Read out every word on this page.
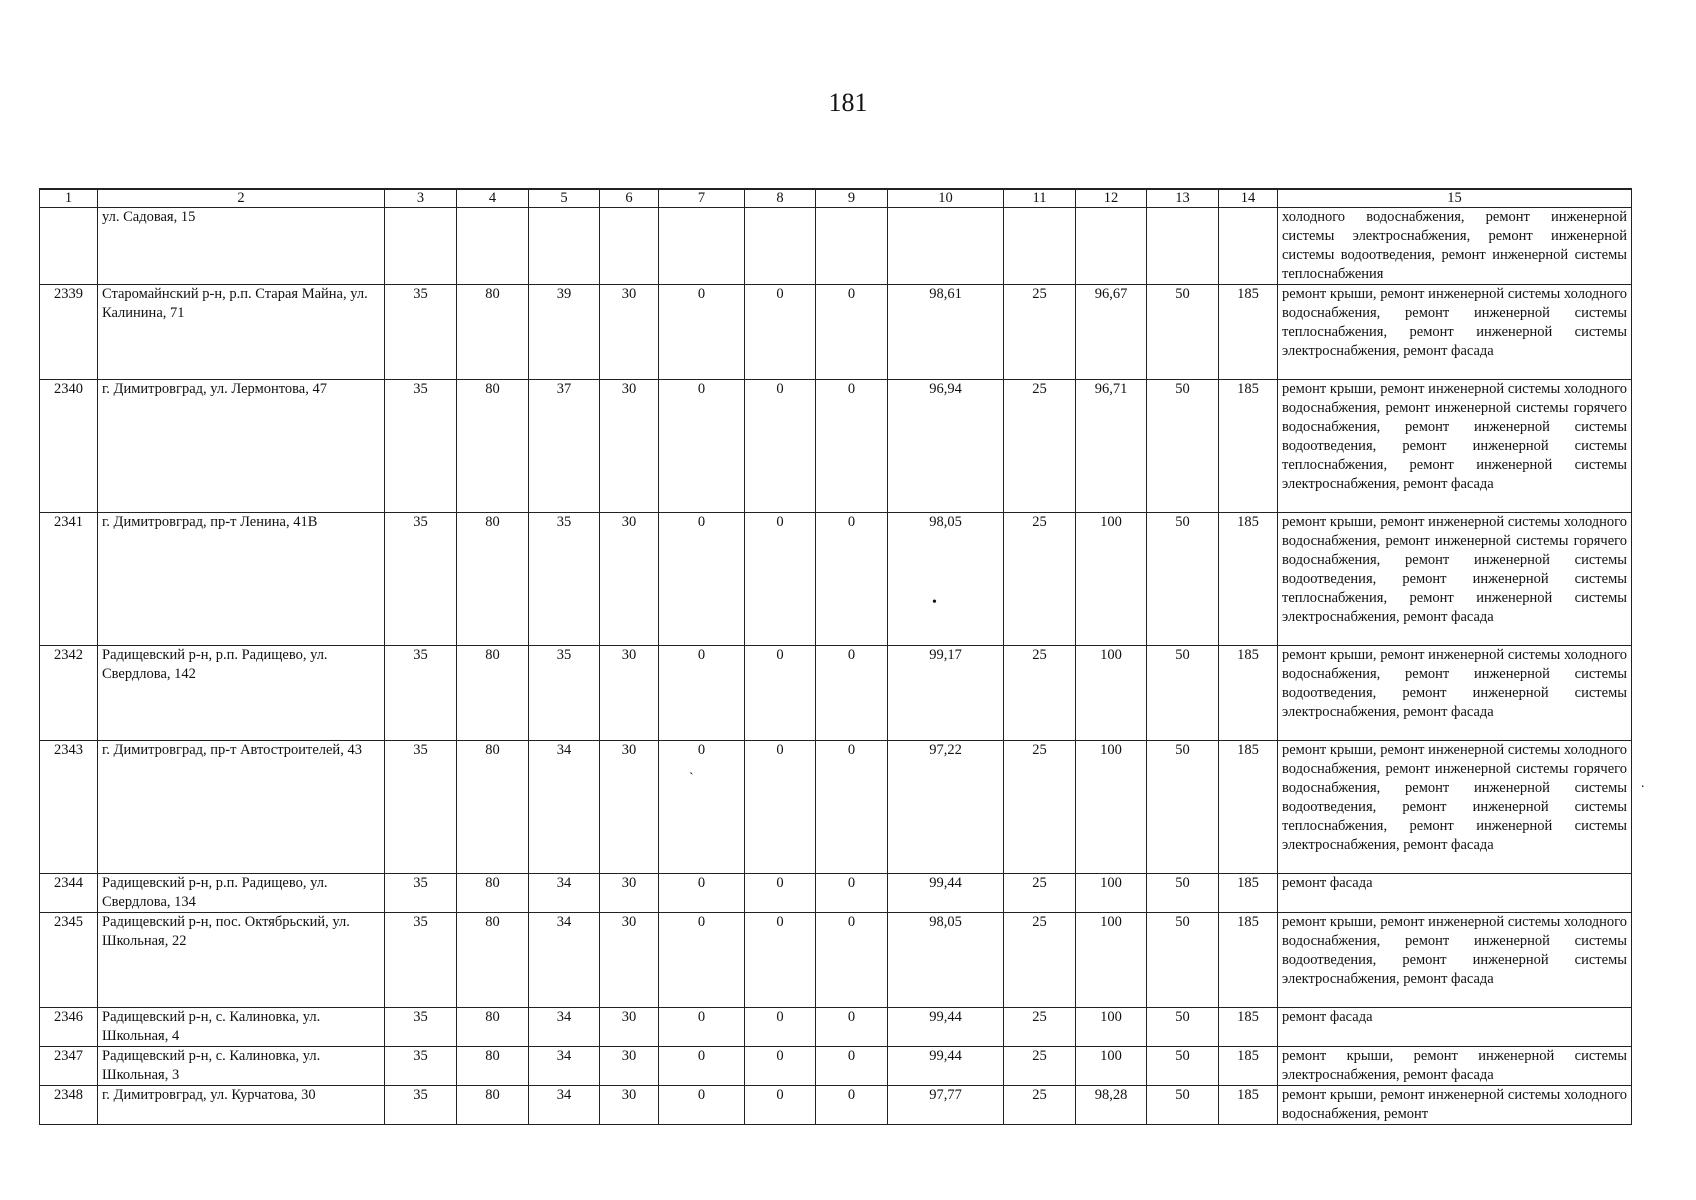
181
1	2	3	4	5	6	7	8	9	10	11	12	13	14	15
	ул. Садовая, 15													холодного водоснабжения, ремонт инженерной системы электроснабжения, ремонт инженерной системы водоотведения, ремонт инженерной системы теплоснабжения
2339	Старомайнский р-н, р.п. Старая Майна, ул. Калинина, 71	35	80	39	30	0	0	0	98,61	25	96,67	50	185	ремонт крыши, ремонт инженерной системы холодного водоснабжения, ремонт инженерной системы теплоснабжения, ремонт инженерной системы электроснабжения, ремонт фасада
2340	г. Димитровград, ул. Лермонтова, 47	35	80	37	30	0	0	0	96,94	25	96,71	50	185	ремонт крыши, ремонт инженерной системы холодного водоснабжения, ремонт инженерной системы горячего водоснабжения, ремонт инженерной системы водоотведения, ремонт инженерной системы теплоснабжения, ремонт инженерной системы электроснабжения, ремонт фасада
2341	г. Димитровград, пр-т Ленина, 41В	35	80	35	30	0	0	0	98,05	25	100	50	185	ремонт крыши, ремонт инженерной системы холодного водоснабжения, ремонт инженерной системы горячего водоснабжения, ремонт инженерной системы водоотведения, ремонт инженерной системы теплоснабжения, ремонт инженерной системы электроснабжения, ремонт фасада
2342	Радищевский р-н, р.п. Радищево, ул. Свердлова, 142	35	80	35	30	0	0	0	99,17	25	100	50	185	ремонт крыши, ремонт инженерной системы холодного водоснабжения, ремонт инженерной системы водоотведения, ремонт инженерной системы электроснабжения, ремонт фасада
2343	г. Димитровград, пр-т Автостроителей, 43	35	80	34	30	0	0	0	97,22	25	100	50	185	ремонт крыши, ремонт инженерной системы холодного водоснабжения, ремонт инженерной системы горячего водоснабжения, ремонт инженерной системы водоотведения, ремонт инженерной системы теплоснабжения, ремонт инженерной системы электроснабжения, ремонт фасада
2344	Радищевский р-н, р.п. Радищево, ул. Свердлова, 134	35	80	34	30	0	0	0	99,44	25	100	50	185	ремонт фасада
2345	Радищевский р-н, пос. Октябрьский, ул. Школьная, 22	35	80	34	30	0	0	0	98,05	25	100	50	185	ремонт крыши, ремонт инженерной системы холодного водоснабжения, ремонт инженерной системы водоотведения, ремонт инженерной системы электроснабжения, ремонт фасада
2346	Радищевский р-н, с. Калиновка, ул. Школьная, 4	35	80	34	30	0	0	0	99,44	25	100	50	185	ремонт фасада
2347	Радищевский р-н, с. Калиновка, ул. Школьная, 3	35	80	34	30	0	0	0	99,44	25	100	50	185	ремонт крыши, ремонт инженерной системы электроснабжения, ремонт фасада
2348	г. Димитровград, ул. Курчатова, 30	35	80	34	30	0	0	0	97,77	25	98,28	50	185	ремонт крыши, ремонт инженерной системы холодного водоснабжения, ремонт
•
ˋ	.
